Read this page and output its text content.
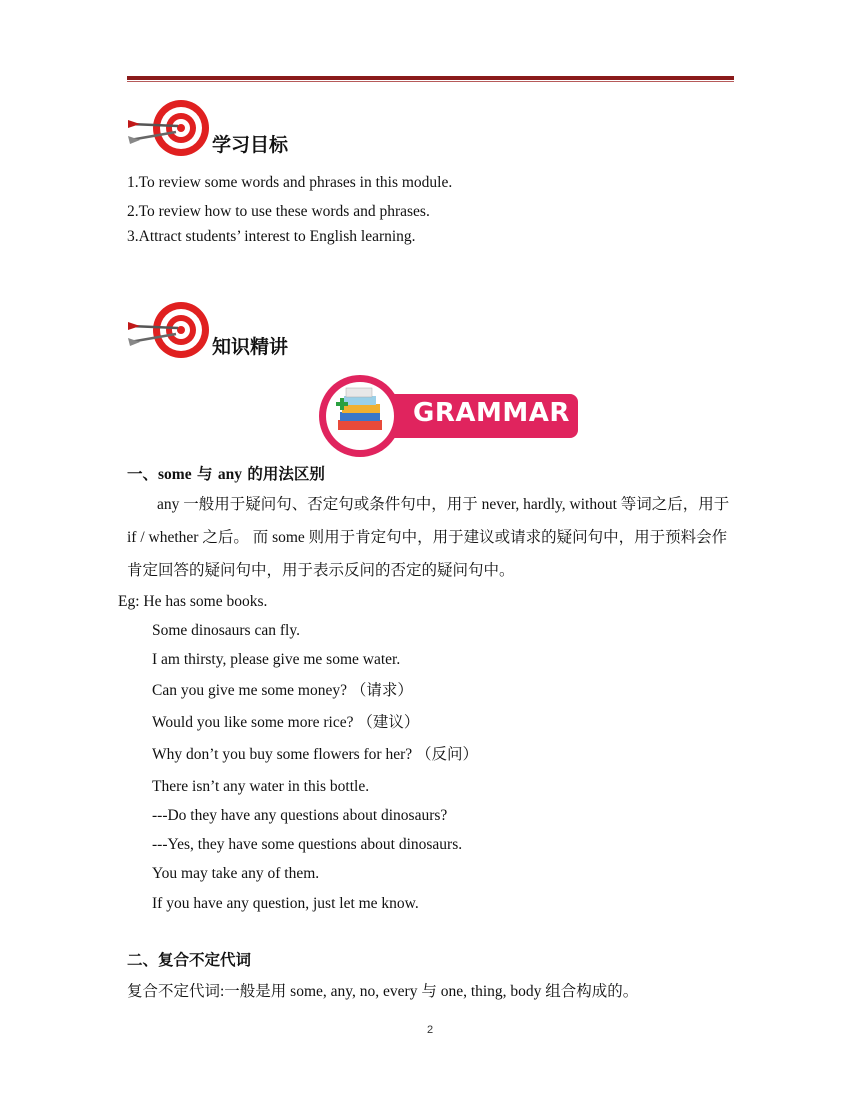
学习目标
1.To review some words and phrases in this module.
2.To review how to use these words and phrases.
3.Attract students’ interest to English learning.
知识精讲
GRAMMAR
一、some 与 any 的用法区别
any 一般用于疑问句、否定句或条件句中，用于 never, hardly, without 等词之后，用于 if / whether 之后。 而 some 则用于肯定句中，用于建议或请求的疑问句中，用于预料会作肯定回答的疑问句中，用于表示反问的否定的疑问句中。
Eg: He has some books.
Some dinosaurs can fly.
I am thirsty, please give me some water.
Can you give me some money? （请求）
Would you like some more rice? （建议）
Why don’t you buy some flowers for her? （反问）
There isn’t any water in this bottle.
---Do they have any questions about dinosaurs?
---Yes, they have some questions about dinosaurs.
You may take any of them.
If you have any question, just let me know.
二、复合不定代词
复合不定代词:一般是用 some, any, no, every 与 one, thing, body 组合构成的。
2
